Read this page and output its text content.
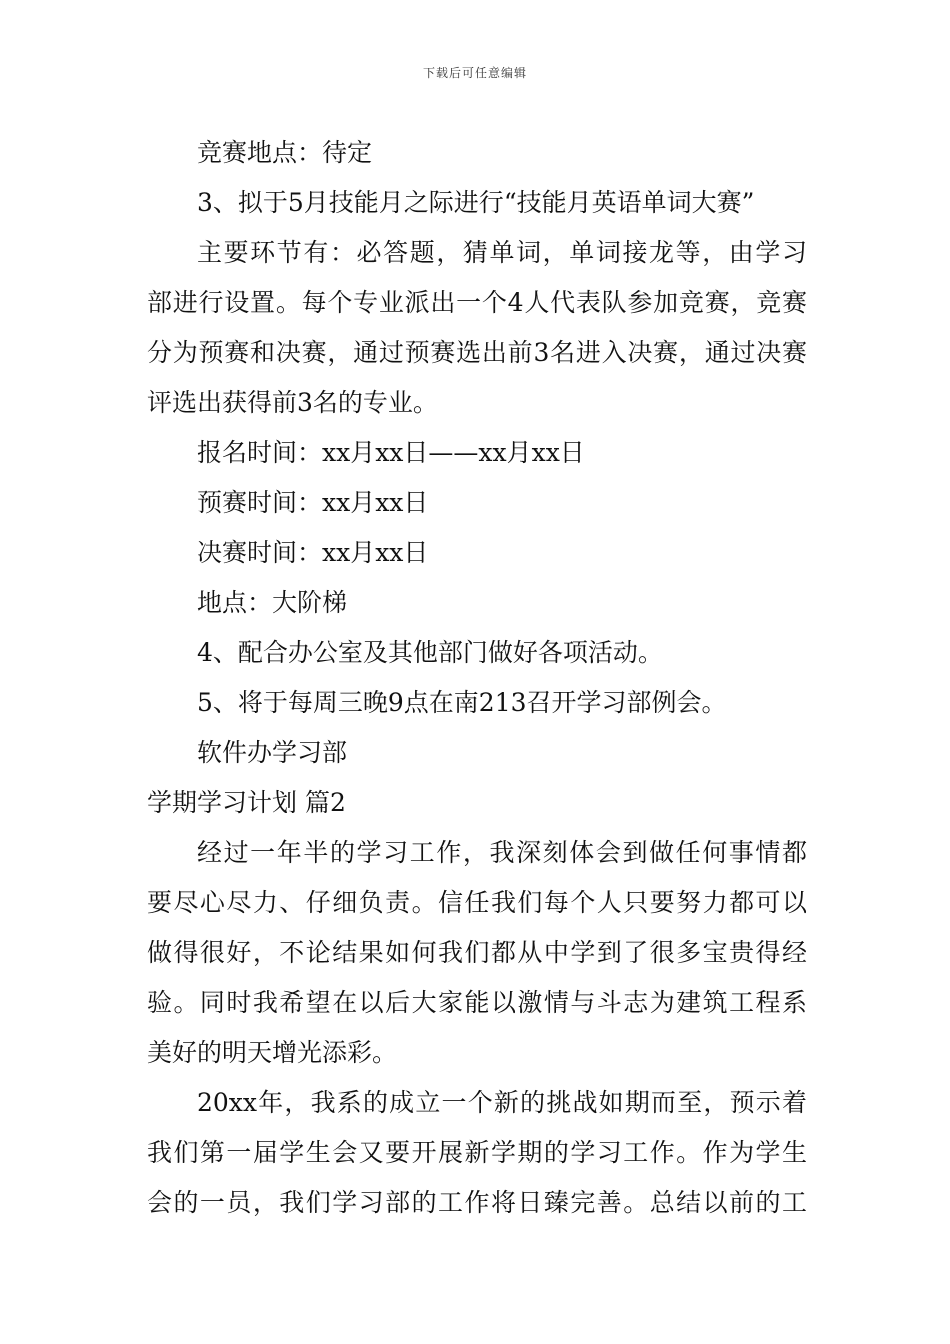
下载后可任意编辑
竞赛地点：待定
3、拟于5月技能月之际进行“技能月英语单词大赛”
主要环节有：必答题，猜单词，单词接龙等，由学习
部进行设置。每个专业派出一个4人代表队参加竞赛，竞赛
分为预赛和决赛，通过预赛选出前3名进入决赛，通过决赛
评选出获得前3名的专业。
报名时间：xx月xx日——xx月xx日
预赛时间：xx月xx日
决赛时间：xx月xx日
地点：大阶梯
4、配合办公室及其他部门做好各项活动。
5、将于每周三晚9点在南213召开学习部例会。
软件办学习部
学期学习计划 篇2
经过一年半的学习工作，我深刻体会到做任何事情都
要尽心尽力、仔细负责。信任我们每个人只要努力都可以
做得很好，不论结果如何我们都从中学到了很多宝贵得经
验。同时我希望在以后大家能以激情与斗志为建筑工程系
美好的明天增光添彩。
20xx年，我系的成立一个新的挑战如期而至，预示着
我们第一届学生会又要开展新学期的学习工作。作为学生
会的一员，我们学习部的工作将日臻完善。总结以前的工
